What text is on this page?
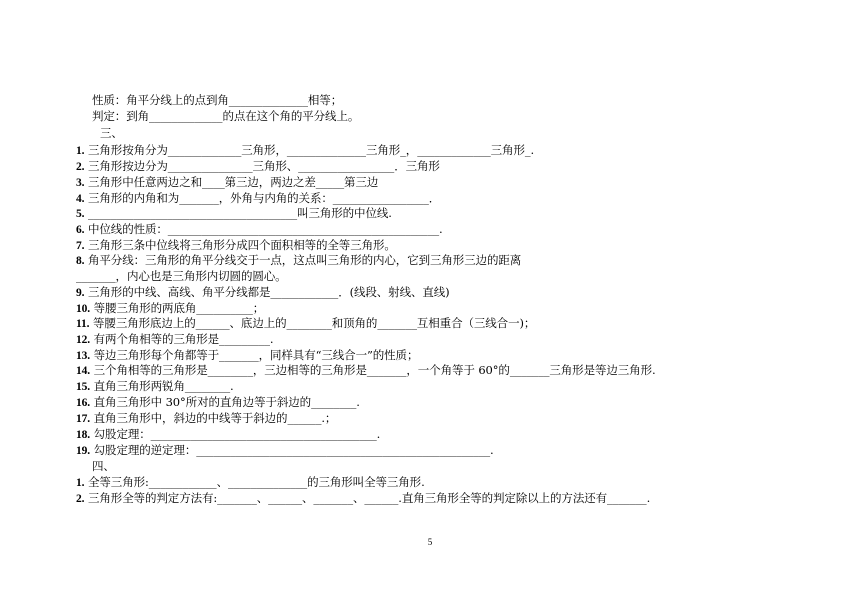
性质：角平分线上的点到角______________相等；
判定：到角_____________的点在这个角的平分线上。
三、
1. 三角形按角分为_____________三角形，______________三角形_，_____________三角形_.
2. 三角形按边分为_______________三角形、_________________．三角形
3. 三角形中任意两边之和____第三边，两边之差_____第三边
4. 三角形的内角和为_______，外角与内角的关系：_________________．
5. _____________________________________叫三角形的中位线.
6. 中位线的性质：________________________________________________.
7. 三角形三条中位线将三角形分成四个面积相等的全等三角形。
8. 角平分线：三角形的角平分线交于一点，这点叫三角形的内心，它到三角形三边的距离
_______，内心也是三角形内切圆的圆心。
9. 三角形的中线、高线、角平分线都是____________．(线段、射线、直线)
10. 等腰三角形的两底角__________；
11. 等腰三角形底边上的______、底边上的________和顶角的_______互相重合（三线合一)；
12. 有两个角相等的三角形是_________.
13. 等边三角形每个角都等于_______，同样具有“三线合一”的性质；
14. 三个角相等的三角形是________，三边相等的三角形是_______，一个角等于 60°的_______三角形是等边三角形.
15. 直角三角形两锐角________.
16. 直角三角形中 30°所对的直角边等于斜边的________.
17. 直角三角形中，斜边的中线等于斜边的______.；
18. 勾股定理：________________________________________.
19. 勾股定理的逆定理：____________________________________________________.
四、
1. 全等三角形:____________、______________的三角形叫全等三角形.
2. 三角形全等的判定方法有:_______、______、_______、______.直角三角形全等的判定除以上的方法还有_______.
5
